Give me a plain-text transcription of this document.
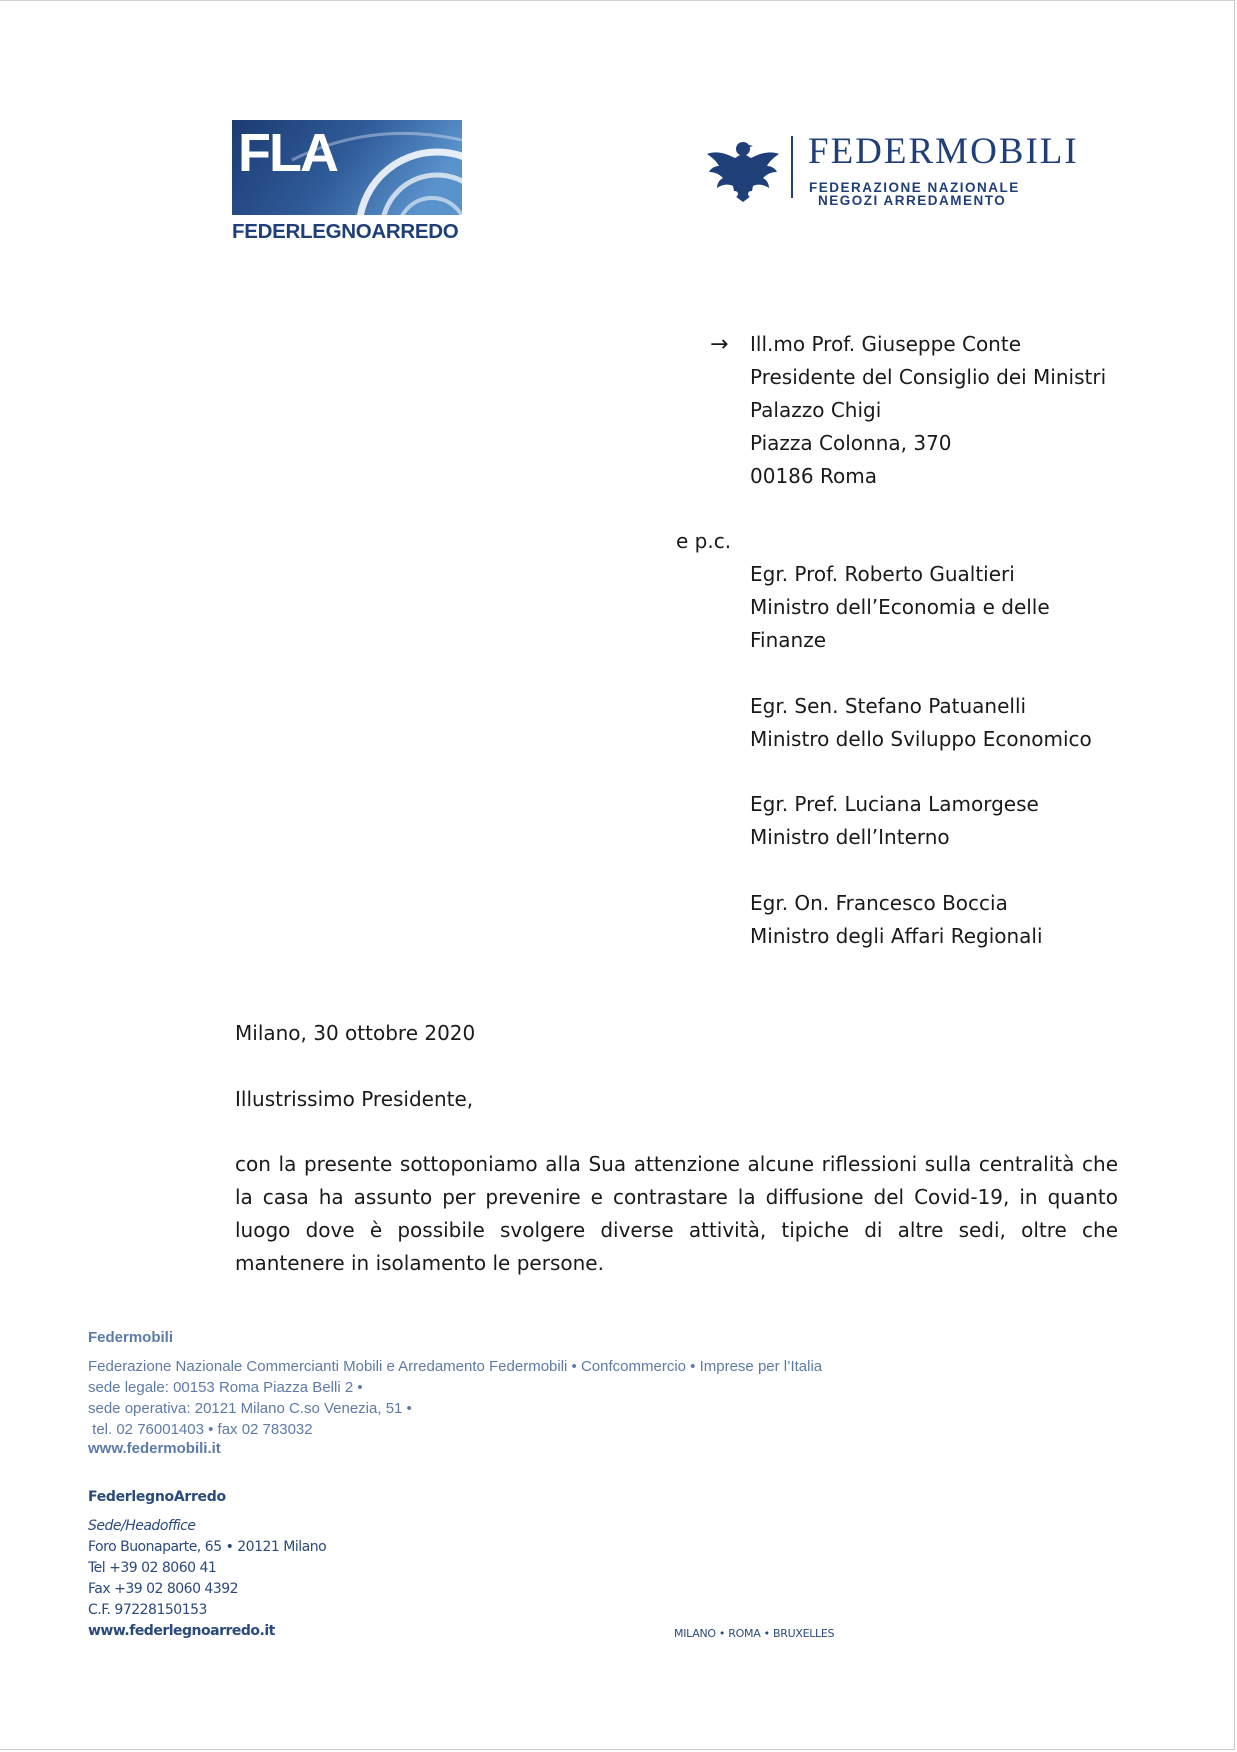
FLA
FEDERLEGNOARREDO
FEDERMOBILI
FEDERAZIONE NAZIONALE
NEGOZI ARREDAMENTO
→ Ill.mo Prof. Giuseppe Conte
Presidente del Consiglio dei Ministri
Palazzo Chigi
Piazza Colonna, 370
00186 Roma
e p.c.
Egr. Prof. Roberto Gualtieri
Ministro dell’Economia e delle
Finanze
Egr. Sen. Stefano Patuanelli
Ministro dello Sviluppo Economico
Egr. Pref. Luciana Lamorgese
Ministro dell’Interno
Egr. On. Francesco Boccia
Ministro degli Affari Regionali
Milano, 30 ottobre 2020
Illustrissimo Presidente,

con la presente sottoponiamo alla Sua attenzione alcune riflessioni sulla centralità che la casa ha assunto per prevenire e contrastare la diffusione del Covid-19, in quanto luogo dove è possibile svolgere diverse attività, tipiche di altre sedi, oltre che mantenere in isolamento le persone.

Federmobili
Federazione Nazionale Commercianti Mobili e Arredamento Federmobili • Confcommercio • Imprese per l’Italia
sede legale: 00153 Roma Piazza Belli 2 •
sede operativa: 20121 Milano C.so Venezia, 51 •
tel. 02 76001403 • fax 02 783032
www.federmobili.it
FederlegnoArredo
Sede/Headoffice
Foro Buonaparte, 65 • 20121 Milano
Tel +39 02 8060 41
Fax +39 02 8060 4392
C.F. 97228150153
www.federlegnoarredo.it	MILANO • ROMA • BRUXELLES
